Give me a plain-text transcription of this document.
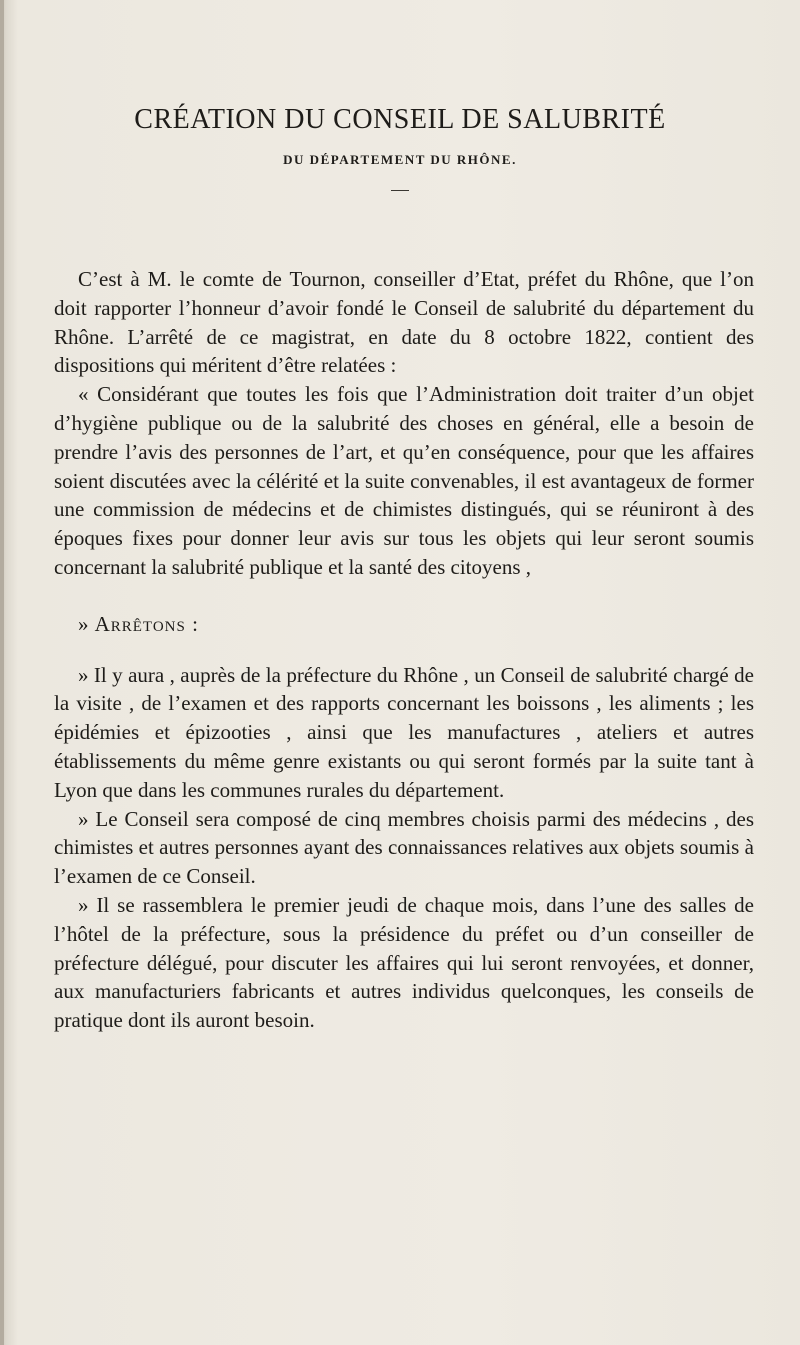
CRÉATION DU CONSEIL DE SALUBRITÉ
DU DÉPARTEMENT DU RHÔNE.

C’est à M. le comte de Tournon, conseiller d’Etat, préfet du Rhône, que l’on doit rapporter l’honneur d’avoir fondé le Conseil de salubrité du département du Rhône. L’arrêté de ce magistrat, en date du 8 octobre 1822, contient des dispositions qui méritent d’être relatées :

« Considérant que toutes les fois que l’Administration doit traiter d’un objet d’hygiène publique ou de la salubrité des choses en général, elle a besoin de prendre l’avis des personnes de l’art, et qu’en conséquence, pour que les affaires soient discutées avec la célérité et la suite convenables, il est avantageux de former une commission de médecins et de chimistes distingués, qui se réuniront à des époques fixes pour donner leur avis sur tous les objets qui leur seront soumis concernant la salubrité publique et la santé des citoyens ,

» Arrêtons :

» Il y aura , auprès de la préfecture du Rhône , un Conseil de salubrité chargé de la visite , de l’examen et des rapports concernant les boissons , les aliments ; les épidémies et épizooties , ainsi que les manufactures , ateliers et autres établissements du même genre existants ou qui seront formés par la suite tant à Lyon que dans les communes rurales du département.

» Le Conseil sera composé de cinq membres choisis parmi des médecins , des chimistes et autres personnes ayant des connaissances relatives aux objets soumis à l’examen de ce Conseil.

» Il se rassemblera le premier jeudi de chaque mois, dans l’une des salles de l’hôtel de la préfecture, sous la présidence du préfet ou d’un conseiller de préfecture délégué, pour discuter les affaires qui lui seront renvoyées, et donner, aux manufacturiers fabricants et autres individus quelconques, les conseils de pratique dont ils auront besoin.
